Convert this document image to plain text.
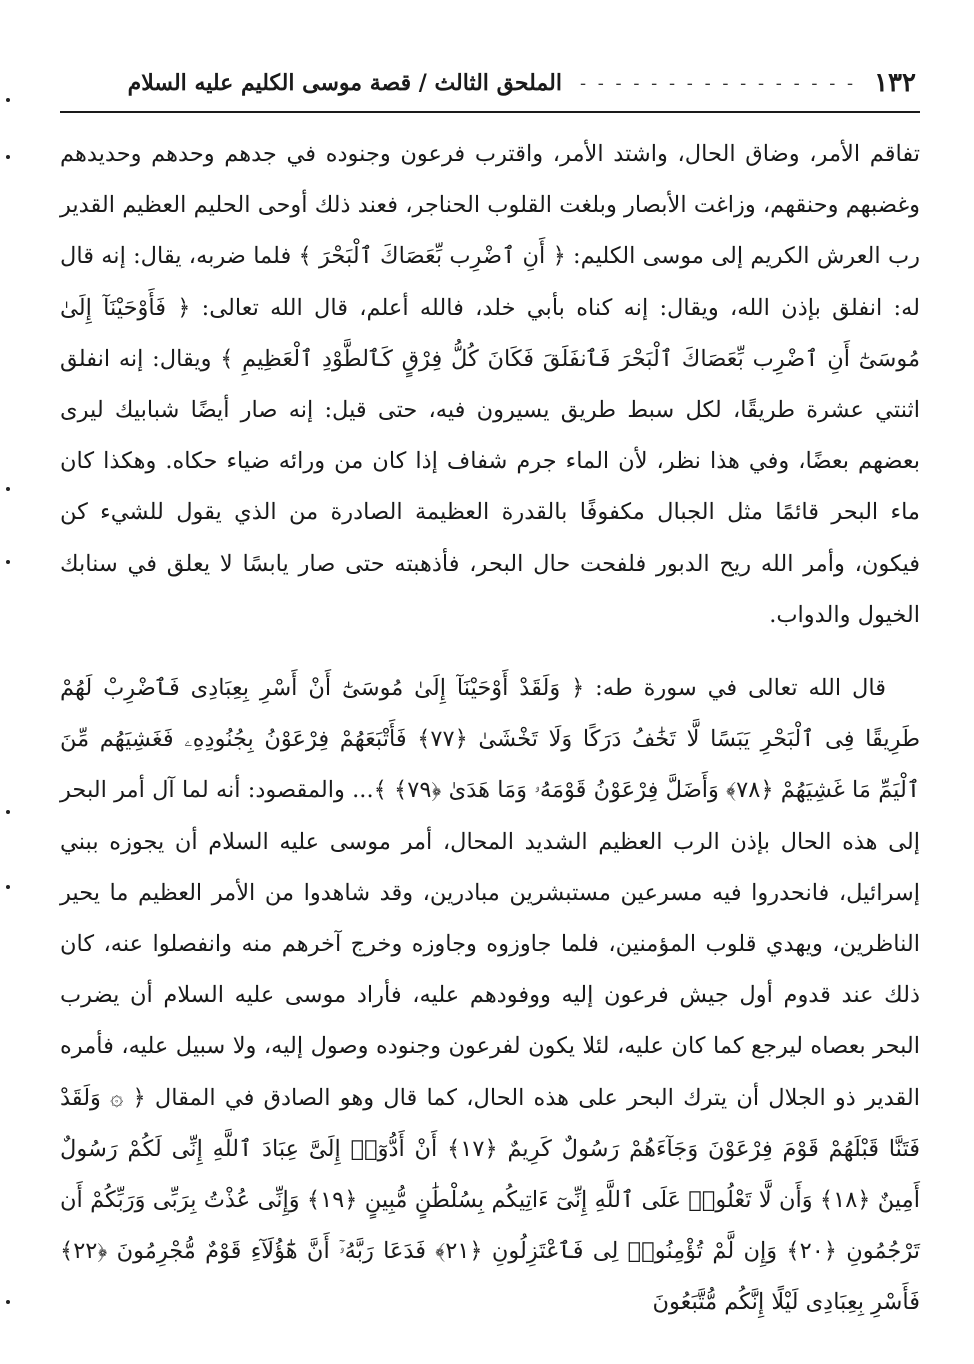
١٣٢
- - - - - - - - - - - - - - - -
الملحق الثالث / قصة موسى الكليم عليه السلام

تفاقم الأمر، وضاق الحال، واشتد الأمر، واقترب فرعون وجنوده في جدهم وحدهم وحديدهم وغضبهم وحنقهم، وزاغت الأبصار وبلغت القلوب الحناجر، فعند ذلك أوحى الحليم العظيم القدير رب العرش الكريم إلى موسى الكليم: ﴿ أَنِ ٱضْرِب بِّعَصَاكَ ٱلْبَحْرَ ﴾ فلما ضربه، يقال: إنه قال له: انفلق بإذن الله، ويقال: إنه كناه بأبي خلد، فالله أعلم، قال الله تعالى: ﴿ فَأَوْحَيْنَآ إِلَىٰ مُوسَىٰٓ أَنِ ٱضْرِب بِّعَصَاكَ ٱلْبَحْرَ فَٱنفَلَقَ فَكَانَ كُلُّ فِرْقٍ كَٱلطَّوْدِ ٱلْعَظِيمِ ﴾ ويقال: إنه انفلق اثنتي عشرة طريقًا، لكل سبط طريق يسيرون فيه، حتى قيل: إنه صار أيضًا شبابيك ليرى بعضهم بعضًا، وفي هذا نظر، لأن الماء جرم شفاف إذا كان من ورائه ضياء حكاه. وهكذا كان ماء البحر قائمًا مثل الجبال مكفوفًا بالقدرة العظيمة الصادرة من الذي يقول للشيء كن فيكون، وأمر الله ريح الدبور فلفحت حال البحر، فأذهبته حتى صار يابسًا لا يعلق في سنابك الخيول والدواب.

قال الله تعالى في سورة طه: ﴿ وَلَقَدْ أَوْحَيْنَآ إِلَىٰ مُوسَىٰٓ أَنْ أَسْرِ بِعِبَادِى فَٱضْرِبْ لَهُمْ طَرِيقًا فِى ٱلْبَحْرِ يَبَسًا لَّا تَخَٰفُ دَرَكًا وَلَا تَخْشَىٰ ﴿٧٧﴾ فَأَتْبَعَهُمْ فِرْعَوْنُ بِجُنُودِهِۦ فَغَشِيَهُم مِّنَ ٱلْيَمِّ مَا غَشِيَهُمْ ﴿٧٨﴾ وَأَضَلَّ فِرْعَوْنُ قَوْمَهُۥ وَمَا هَدَىٰ ﴿٧٩﴾ ﴾... والمقصود: أنه لما آل أمر البحر إلى هذه الحال بإذن الرب العظيم الشديد المحال، أمر موسى عليه السلام أن يجوزه ببني إسرائيل، فانحدروا فيه مسرعين مستبشرين مبادرين، وقد شاهدوا من الأمر العظيم ما يحير الناظرين، ويهدي قلوب المؤمنين، فلما جاوزوه وجاوزه وخرج آخرهم منه وانفصلوا عنه، كان ذلك عند قدوم أول جيش فرعون إليه ووفودهم عليه، فأراد موسى عليه السلام أن يضرب البحر بعصاه ليرجع كما كان عليه، لئلا يكون لفرعون وجنوده وصول إليه، ولا سبيل عليه، فأمره القدير ذو الجلال أن يترك البحر على هذه الحال، كما قال وهو الصادق في المقال ﴿ ۞ وَلَقَدْ فَتَنَّا قَبْلَهُمْ قَوْمَ فِرْعَوْنَ وَجَآءَهُمْ رَسُولٌ كَرِيمٌ ﴿١٧﴾ أَنْ أَدُّوٓا۟ إِلَىَّ عِبَادَ ٱللَّهِ إِنِّى لَكُمْ رَسُولٌ أَمِينٌ ﴿١٨﴾ وَأَن لَّا تَعْلُوا۟ عَلَى ٱللَّهِ إِنِّىٓ ءَاتِيكُم بِسُلْطَٰنٍ مُّبِينٍ ﴿١٩﴾ وَإِنِّى عُذْتُ بِرَبِّى وَرَبِّكُمْ أَن تَرْجُمُونِ ﴿٢٠﴾ وَإِن لَّمْ تُؤْمِنُوا۟ لِى فَٱعْتَزِلُونِ ﴿٢١﴾ فَدَعَا رَبَّهُۥٓ أَنَّ هَٰٓؤُلَآءِ قَوْمٌ مُّجْرِمُونَ ﴿٢٢﴾ فَأَسْرِ بِعِبَادِى لَيْلًا إِنَّكُم مُّتَّبَعُونَ
